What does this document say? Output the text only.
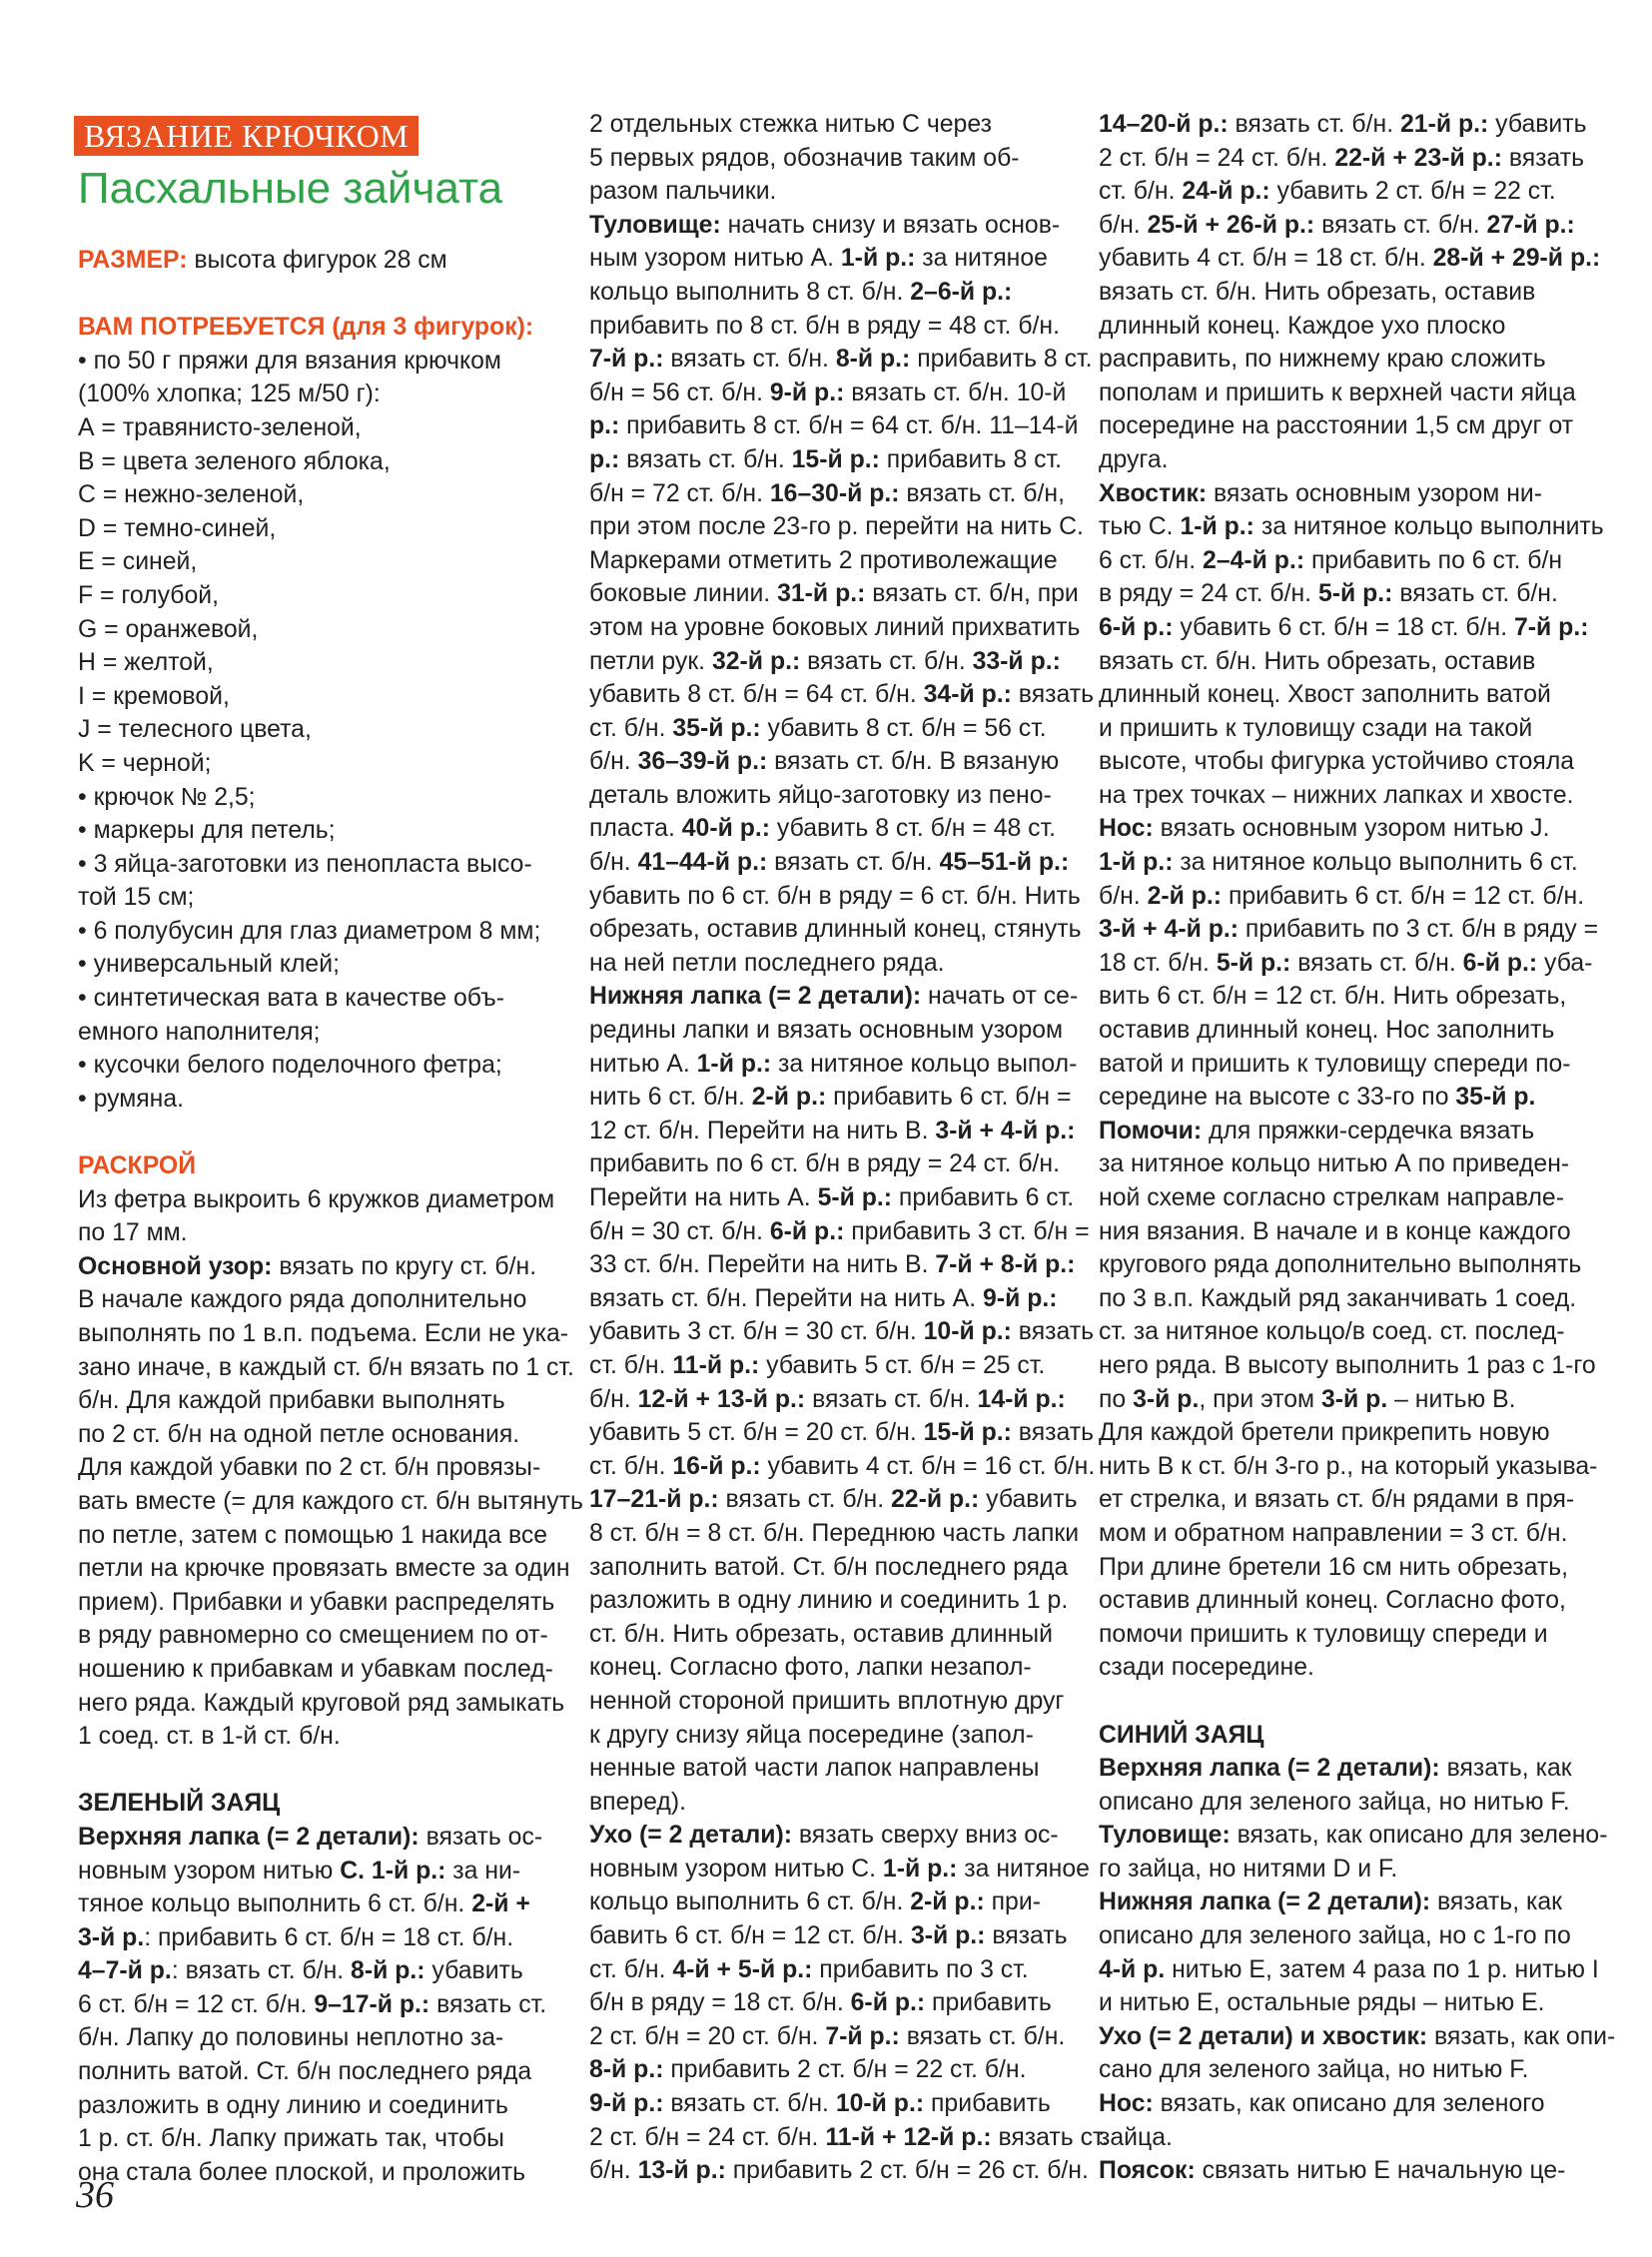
ВЯЗАНИЕ КРЮЧКОМ
Пасхальные зайчата
РАЗМЕР: высота фигурок 28 см
ВАМ ПОТРЕБУЕТСЯ (для 3 фигурок):
• по 50 г пряжи для вязания крючком
(100% хлопка; 125 м/50 г):
А = травянисто-зеленой,
В = цвета зеленого яблока,
С = нежно-зеленой,
D = темно-синей,
Е = синей,
F = голубой,
G = оранжевой,
H = желтой,
I = кремовой,
J = телесного цвета,
K = черной;
• крючок № 2,5;
• маркеры для петель;
• 3 яйца-заготовки из пенопласта высо-
той 15 см;
• 6 полубусин для глаз диаметром 8 мм;
• универсальный клей;
• синтетическая вата в качестве объ-
емного наполнителя;
• кусочки белого поделочного фетра;
• румяна.
РАСКРОЙ
Из фетра выкроить 6 кружков диаметром
по 17 мм.
Основной узор: вязать по кругу ст. б/н.
В начале каждого ряда дополнительно
выполнять по 1 в.п. подъема. Если не ука-
зано иначе, в каждый ст. б/н вязать по 1 ст.
б/н. Для каждой прибавки выполнять
по 2 ст. б/н на одной петле основания.
Для каждой убавки по 2 ст. б/н провязы-
вать вместе (= для каждого ст. б/н вытянуть
по петле, затем с помощью 1 накида все
петли на крючке провязать вместе за один
прием). Прибавки и убавки распределять
в ряду равномерно со смещением по от-
ношению к прибавкам и убавкам послед-
него ряда. Каждый круговой ряд замыкать
1 соед. ст. в 1-й ст. б/н.
ЗЕЛЕНЫЙ ЗАЯЦ
Верхняя лапка (= 2 детали): вязать ос-
новным узором нитью С. 1-й р.: за ни-
тяное кольцо выполнить 6 ст. б/н. 2-й +
3-й р.: прибавить 6 ст. б/н = 18 ст. б/н.
4–7-й р.: вязать ст. б/н. 8-й р.: убавить
6 ст. б/н = 12 ст. б/н. 9–17-й р.: вязать ст.
б/н. Лапку до половины неплотно за-
полнить ватой. Ст. б/н последнего ряда
разложить в одну линию и соединить
1 р. ст. б/н. Лапку прижать так, чтобы
она стала более плоской, и проложить
2 отдельных стежка нитью С через
5 первых рядов, обозначив таким об-
разом пальчики.
Туловище: начать снизу и вязать основ-
ным узором нитью А. 1-й р.: за нитяное
кольцо выполнить 8 ст. б/н. 2–6-й р.:
прибавить по 8 ст. б/н в ряду = 48 ст. б/н.
7-й р.: вязать ст. б/н. 8-й р.: прибавить 8 ст.
б/н = 56 ст. б/н. 9-й р.: вязать ст. б/н. 10-й
р.: прибавить 8 ст. б/н = 64 ст. б/н. 11–14-й
р.: вязать ст. б/н. 15-й р.: прибавить 8 ст.
б/н = 72 ст. б/н. 16–30-й р.: вязать ст. б/н,
при этом после 23-го р. перейти на нить С.
Маркерами отметить 2 противолежащие
боковые линии. 31-й р.: вязать ст. б/н, при
этом на уровне боковых линий прихватить
петли рук. 32-й р.: вязать ст. б/н. 33-й р.:
убавить 8 ст. б/н = 64 ст. б/н. 34-й р.: вязать
ст. б/н. 35-й р.: убавить 8 ст. б/н = 56 ст.
б/н. 36–39-й р.: вязать ст. б/н. В вязаную
деталь вложить яйцо-заготовку из пено-
пласта. 40-й р.: убавить 8 ст. б/н = 48 ст.
б/н. 41–44-й р.: вязать ст. б/н. 45–51-й р.:
убавить по 6 ст. б/н в ряду = 6 ст. б/н. Нить
обрезать, оставив длинный конец, стянуть
на ней петли последнего ряда.
Нижняя лапка (= 2 детали): начать от се-
редины лапки и вязать основным узором
нитью А. 1-й р.: за нитяное кольцо выпол-
нить 6 ст. б/н. 2-й р.: прибавить 6 ст. б/н =
12 ст. б/н. Перейти на нить В. 3-й + 4-й р.:
прибавить по 6 ст. б/н в ряду = 24 ст. б/н.
Перейти на нить А. 5-й р.: прибавить 6 ст.
б/н = 30 ст. б/н. 6-й р.: прибавить 3 ст. б/н =
33 ст. б/н. Перейти на нить В. 7-й + 8-й р.:
вязать ст. б/н. Перейти на нить А. 9-й р.:
убавить 3 ст. б/н = 30 ст. б/н. 10-й р.: вязать
ст. б/н. 11-й р.: убавить 5 ст. б/н = 25 ст.
б/н. 12-й + 13-й р.: вязать ст. б/н. 14-й р.:
убавить 5 ст. б/н = 20 ст. б/н. 15-й р.: вязать
ст. б/н. 16-й р.: убавить 4 ст. б/н = 16 ст. б/н.
17–21-й р.: вязать ст. б/н. 22-й р.: убавить
8 ст. б/н = 8 ст. б/н. Переднюю часть лапки
заполнить ватой. Ст. б/н последнего ряда
разложить в одну линию и соединить 1 р.
ст. б/н. Нить обрезать, оставив длинный
конец. Согласно фото, лапки незапол-
ненной стороной пришить вплотную друг
к другу снизу яйца посередине (запол-
ненные ватой части лапок направлены
вперед).
Ухо (= 2 детали): вязать сверху вниз ос-
новным узором нитью С. 1-й р.: за нитяное
кольцо выполнить 6 ст. б/н. 2-й р.: при-
бавить 6 ст. б/н = 12 ст. б/н. 3-й р.: вязать
ст. б/н. 4-й + 5-й р.: прибавить по 3 ст.
б/н в ряду = 18 ст. б/н. 6-й р.: прибавить
2 ст. б/н = 20 ст. б/н. 7-й р.: вязать ст. б/н.
8-й р.: прибавить 2 ст. б/н = 22 ст. б/н.
9-й р.: вязать ст. б/н. 10-й р.: прибавить
2 ст. б/н = 24 ст. б/н. 11-й + 12-й р.: вязать ст.
б/н. 13-й р.: прибавить 2 ст. б/н = 26 ст. б/н.
14–20-й р.: вязать ст. б/н. 21-й р.: убавить
2 ст. б/н = 24 ст. б/н. 22-й + 23-й р.: вязать
ст. б/н. 24-й р.: убавить 2 ст. б/н = 22 ст.
б/н. 25-й + 26-й р.: вязать ст. б/н. 27-й р.:
убавить 4 ст. б/н = 18 ст. б/н. 28-й + 29-й р.:
вязать ст. б/н. Нить обрезать, оставив
длинный конец. Каждое ухо плоско
расправить, по нижнему краю сложить
пополам и пришить к верхней части яйца
посередине на расстоянии 1,5 см друг от
друга.
Хвостик: вязать основным узором ни-
тью С. 1-й р.: за нитяное кольцо выполнить
6 ст. б/н. 2–4-й р.: прибавить по 6 ст. б/н
в ряду = 24 ст. б/н. 5-й р.: вязать ст. б/н.
6-й р.: убавить 6 ст. б/н = 18 ст. б/н. 7-й р.:
вязать ст. б/н. Нить обрезать, оставив
длинный конец. Хвост заполнить ватой
и пришить к туловищу сзади на такой
высоте, чтобы фигурка устойчиво стояла
на трех точках – нижних лапках и хвосте.
Нос: вязать основным узором нитью J.
1-й р.: за нитяное кольцо выполнить 6 ст.
б/н. 2-й р.: прибавить 6 ст. б/н = 12 ст. б/н.
3-й + 4-й р.: прибавить по 3 ст. б/н в ряду =
18 ст. б/н. 5-й р.: вязать ст. б/н. 6-й р.: уба-
вить 6 ст. б/н = 12 ст. б/н. Нить обрезать,
оставив длинный конец. Нос заполнить
ватой и пришить к туловищу спереди по-
середине на высоте с 33-го по 35-й р.
Помочи: для пряжки-сердечка вязать
за нитяное кольцо нитью А по приведен-
ной схеме согласно стрелкам направле-
ния вязания. В начале и в конце каждого
кругового ряда дополнительно выполнять
по 3 в.п. Каждый ряд заканчивать 1 соед.
ст. за нитяное кольцо/в соед. ст. послед-
него ряда. В высоту выполнить 1 раз с 1-го
по 3-й р., при этом 3-й р. – нитью В.
Для каждой бретели прикрепить новую
нить В к ст. б/н 3-го р., на который указыва-
ет стрелка, и вязать ст. б/н рядами в пря-
мом и обратном направлении = 3 ст. б/н.
При длине бретели 16 см нить обрезать,
оставив длинный конец. Согласно фото,
помочи пришить к туловищу спереди и
сзади посередине.

СИНИЙ ЗАЯЦ
Верхняя лапка (= 2 детали): вязать, как
описано для зеленого зайца, но нитью F.
Туловище: вязать, как описано для зелено-
го зайца, но нитями D и F.
Нижняя лапка (= 2 детали): вязать, как
описано для зеленого зайца, но с 1-го по
4-й р. нитью Е, затем 4 раза по 1 р. нитью I
и нитью Е, остальные ряды – нитью Е.
Ухо (= 2 детали) и хвостик: вязать, как опи-
сано для зеленого зайца, но нитью F.
Нос: вязать, как описано для зеленого
зайца.
Поясок: связать нитью Е начальную це-
36
